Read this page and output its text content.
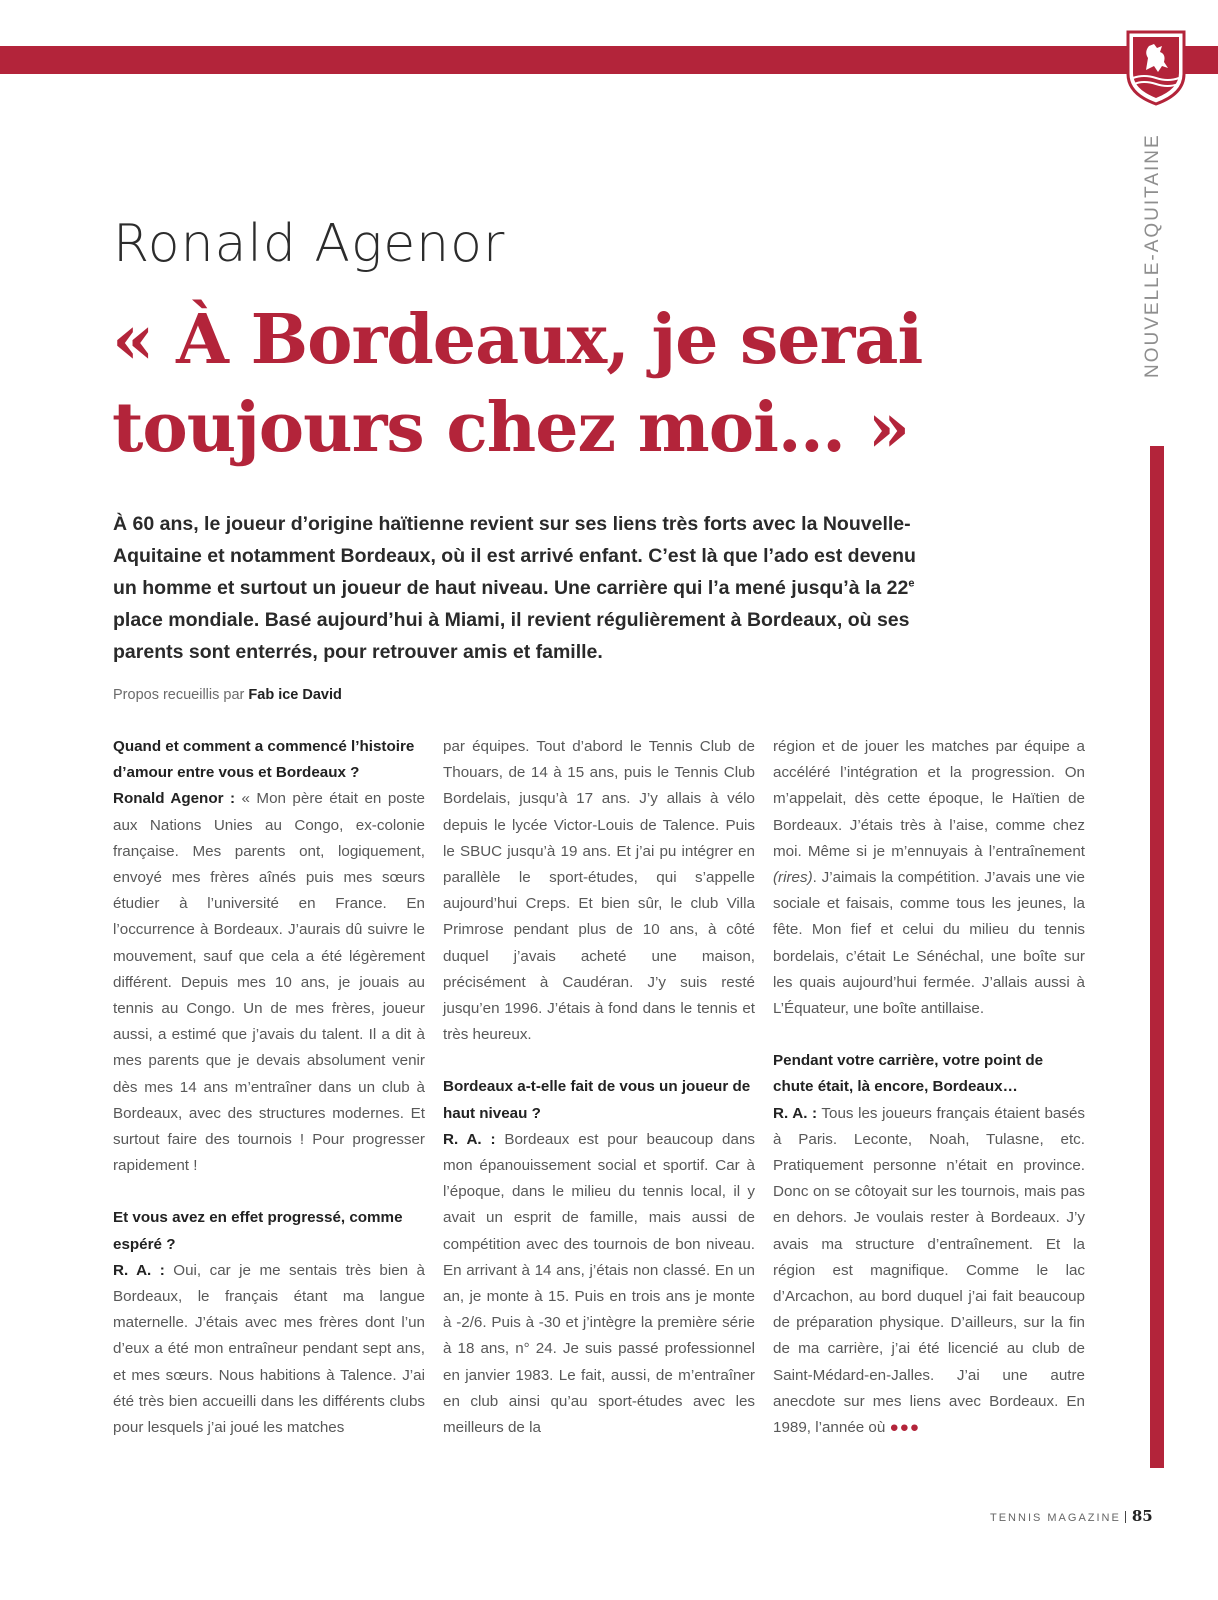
NOUVELLE-AQUITAINE
Ronald Agenor
« À Bordeaux, je serai toujours chez moi… »
À 60 ans, le joueur d’origine haïtienne revient sur ses liens très forts avec la Nouvelle-Aquitaine et notamment Bordeaux, où il est arrivé enfant. C’est là que l’ado est devenu un homme et surtout un joueur de haut niveau. Une carrière qui l’a mené jusqu’à la 22e place mondiale. Basé aujourd’hui à Miami, il revient régulièrement à Bordeaux, où ses parents sont enterrés, pour retrouver amis et famille.
Propos recueillis par Fab ice David

Quand et comment a commencé l’histoire d’amour entre vous et Bordeaux ?

Ronald Agenor : « Mon père était en poste aux Nations Unies au Congo, ex-colonie française. Mes parents ont, logiquement, envoyé mes frères aînés puis mes sœurs étudier à l’université en France. En l’occurrence à Bordeaux. J’aurais dû suivre le mouvement, sauf que cela a été légèrement différent. Depuis mes 10 ans, je jouais au tennis au Congo. Un de mes frères, joueur aussi, a estimé que j’avais du talent. Il a dit à mes parents que je devais absolument venir dès mes 14 ans m’entraîner dans un club à Bordeaux, avec des structures modernes. Et surtout faire des tournois ! Pour progresser rapidement !

Et vous avez en effet progressé, comme espéré ?

R. A. : Oui, car je me sentais très bien à Bordeaux, le français étant ma langue maternelle. J’étais avec mes frères dont l’un d’eux a été mon entraîneur pendant sept ans, et mes sœurs. Nous habitions à Talence. J’ai été très bien accueilli dans les différents clubs pour lesquels j’ai joué les matches

par équipes. Tout d’abord le Tennis Club de Thouars, de 14 à 15 ans, puis le Tennis Club Bordelais, jusqu’à 17 ans. J’y allais à vélo depuis le lycée Victor-Louis de Talence. Puis le SBUC jusqu’à 19 ans. Et j’ai pu intégrer en parallèle le sport-études, qui s’appelle aujourd’hui Creps. Et bien sûr, le club Villa Primrose pendant plus de 10 ans, à côté duquel j’avais acheté une maison, précisément à Caudéran. J’y suis resté jusqu’en 1996. J’étais à fond dans le tennis et très heureux.

Bordeaux a-t-elle fait de vous un joueur de haut niveau ?

R. A. : Bordeaux est pour beaucoup dans mon épanouissement social et sportif. Car à l’époque, dans le milieu du tennis local, il y avait un esprit de famille, mais aussi de compétition avec des tournois de bon niveau. En arrivant à 14 ans, j’étais non classé. En un an, je monte à 15. Puis en trois ans je monte à -2/6. Puis à -30 et j’intègre la première série à 18 ans, n° 24. Je suis passé professionnel en janvier 1983. Le fait, aussi, de m’entraîner en club ainsi qu’au sport-études avec les meilleurs de la

région et de jouer les matches par équipe a accéléré l’intégration et la progression. On m’appelait, dès cette époque, le Haïtien de Bordeaux. J’étais très à l’aise, comme chez moi. Même si je m’ennuyais à l’entraînement (rires). J’aimais la compétition. J’avais une vie sociale et faisais, comme tous les jeunes, la fête. Mon fief et celui du milieu du tennis bordelais, c’était Le Sénéchal, une boîte sur les quais aujourd’hui fermée. J’allais aussi à L’Équateur, une boîte antillaise.

Pendant votre carrière, votre point de chute était, là encore, Bordeaux…

R. A. : Tous les joueurs français étaient basés à Paris. Leconte, Noah, Tulasne, etc. Pratiquement personne n’était en province. Donc on se côtoyait sur les tournois, mais pas en dehors. Je voulais rester à Bordeaux. J’y avais ma structure d’entraînement. Et la région est magnifique. Comme le lac d’Arcachon, au bord duquel j’ai fait beaucoup de préparation physique. D’ailleurs, sur la fin de ma carrière, j’ai été licencié au club de Saint-Médard-en-Jalles. J’ai une autre anecdote sur mes liens avec Bordeaux. En 1989, l’année où ●●●

TENNIS MAGAZINE 85
